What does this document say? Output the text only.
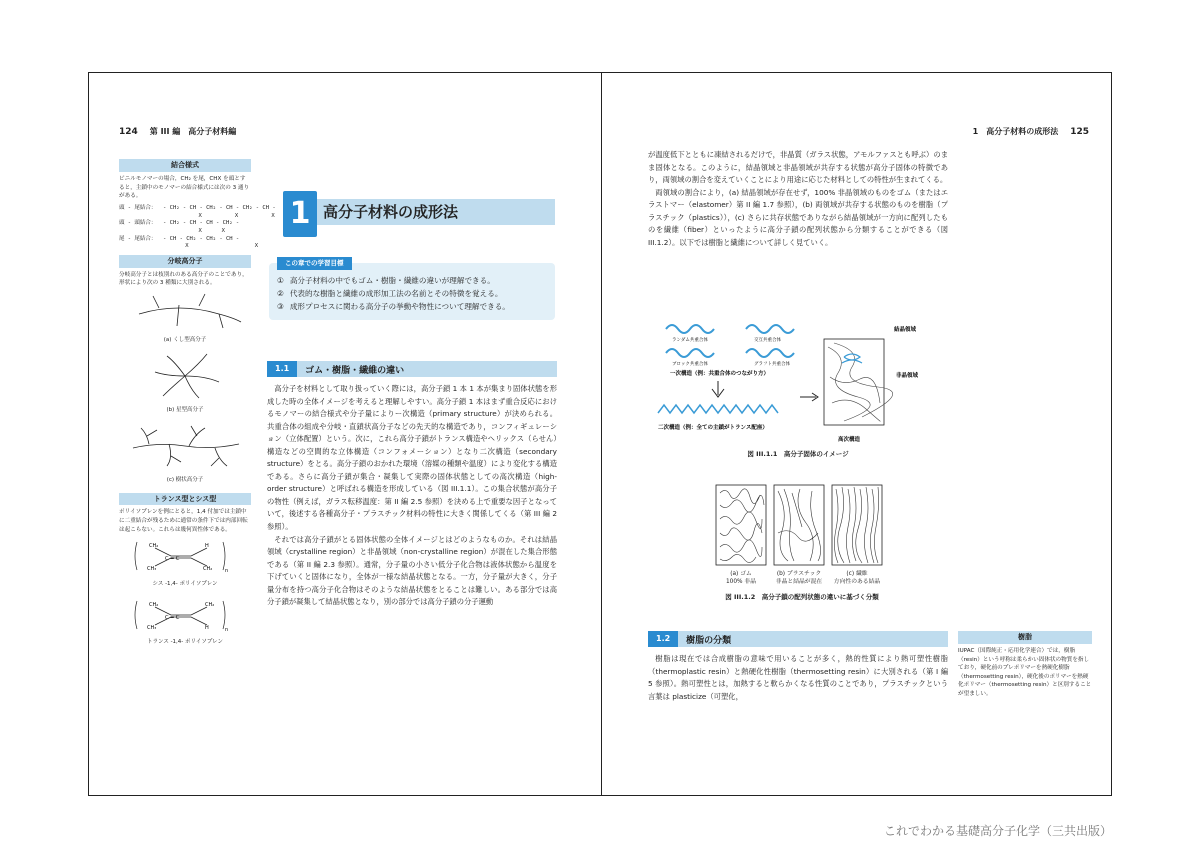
124 第 III 編　高分子材料編
結合様式
ビニルモノマーの場合，CH₂ を尾，CHX を頭とすると，主鎖中のモノマーの結合様式には次の 3 通りがある。
頭 - 尾結合：  - CH₂ - CH - CH₂ - CH - CH₂ - CH -
X          X          X
頭 - 頭結合：  - CH₂ - CH - CH - CH₂ -
X      X
尾 - 尾結合：  - CH - CH₂ - CH₂ - CH -
X                    X
分岐高分子
分岐高分子とは枝別れのある高分子のことであり，形状により次の 3 種類に大別される。
(a) くし型高分子
(b) 星型高分子
(c) 樹状高分子
トランス型とシス型
ポリイソプレンを例にとると，1,4 付加では主鎖中に二重結合が残るために通常の条件下では内部回転は起こらない。これらは幾何異性体である。
CH₂	H
C = C
CH₃	CH₂	n
シス -1,4- ポリイソプレン
CH₂	CH₂
C = C
CH₃	H	n
トランス -1,4- ポリイソプレン
高分子材料の成形法
1
この章での学習目標
① 高分子材料の中でもゴム・樹脂・繊維の違いが理解できる。
② 代表的な樹脂と繊維の成形加工法の名前とその特徴を覚える。
③ 成形プロセスに関わる高分子の挙動や物性について理解できる。
1.1	ゴム・樹脂・繊維の違い

高分子を材料として取り扱っていく際には，高分子鎖 1 本 1 本が集まり固体状態を形成した時の全体イメージを考えると理解しやすい。高分子鎖 1 本はまず重合反応におけるモノマーの結合様式や分子量によりー次構造（primary structure）が決められる。共重合体の組成や分岐・直鎖状高分子などの先天的な構造であり，コンフィギュレーション（立体配置）という。次に，これら高分子鎖がトランス構造やヘリックス（らせん）構造などの空間的な立体構造（コンフォメーション）となり二次構造（secondary structure）をとる。高分子鎖のおかれた環境（溶媒の種類や温度）により変化する構造である。さらに高分子鎖が集合・凝集して実際の固体状態としての高次構造（high-order structure）と呼ばれる構造を形成している（図 III.1.1）。この集合状態が高分子の物性（例えば，ガラス転移温度：第 II 編 2.5 参照）を決める上で重要な因子となっていて，後述する各種高分子・プラスチック材料の特性に大きく関係してくる（第 III 編 2 参照）。

それでは高分子鎖がとる固体状態の全体イメージとはどのようなものか。それは結晶領域（crystalline region）と非晶領域（non-crystalline region）が混在した集合形態である（第 II 編 2.3 参照）。通常，分子量の小さい低分子化合物は液体状態から温度を下げていくと固体になり，全体が一様な結晶状態となる。一方，分子量が大きく，分子量分布を持つ高分子化合物はそのような結晶状態をとることは難しい。ある部分では高分子鎖が凝集して結晶状態となり，別の部分では高分子鎖の分子運動

1　高分子材料の成形法 125

が温度低下とともに凍結されるだけで，非晶質（ガラス状態，アモルファスとも呼ぶ）のまま固体となる。このように，結晶領域と非晶領域が共存する状態が高分子固体の特徴であり，両領域の割合を変えていくことにより用途に応じた材料としての特性が生まれてくる。

両領域の割合により，(a) 結晶領域が存在せず，100% 非晶領域のものをゴム（またはエラストマー（elastomer）第 II 編 1.7 参照），(b) 両領域が共存する状態のものを樹脂（プラスチック（plastics）），(c) さらに共存状態でありながら結晶領域が一方向に配列したものを繊維（fiber）といったように高分子鎖の配列状態から分類することができる（図 III.1.2）。以下では樹脂と繊維について詳しく見ていく。

ランダム共重合体	交互共重合体
ブロック共重合体	グラフト共重合体
一次構造（例：共重合体のつながり方）
二次構造（例：全ての主鎖がトランス配座）
結晶領域
非晶領域
高次構造
図 III.1.1　高分子固体のイメージ
(a) ゴム
100% 非晶
(b) プラスチック
非晶と結晶が混在
(c) 繊維
方向性のある結晶
図 III.1.2　高分子鎖の配列状態の違いに基づく分類
1.2	樹脂の分類

樹脂は現在では合成樹脂の意味で用いることが多く，熱的性質により熱可塑性樹脂（thermoplastic resin）と熱硬化性樹脂（thermosetting resin）に大別される（第 I 編 5 参照）。熱可塑性とは，加熱すると軟らかくなる性質のことであり，プラスチックという言葉は plasticize（可塑化，

樹脂
IUPAC（国際純正・応用化学連合）では，樹脂（resin）という呼称は柔らかい固体状の物質を指しており，硬化前のプレポリマーを熱硬化樹脂（thermosetting resin），硬化後のポリマーを熱硬化ポリマー（thermosetting resin）と区別することが望ましい。
これでわかる基礎高分子化学（三共出版）
